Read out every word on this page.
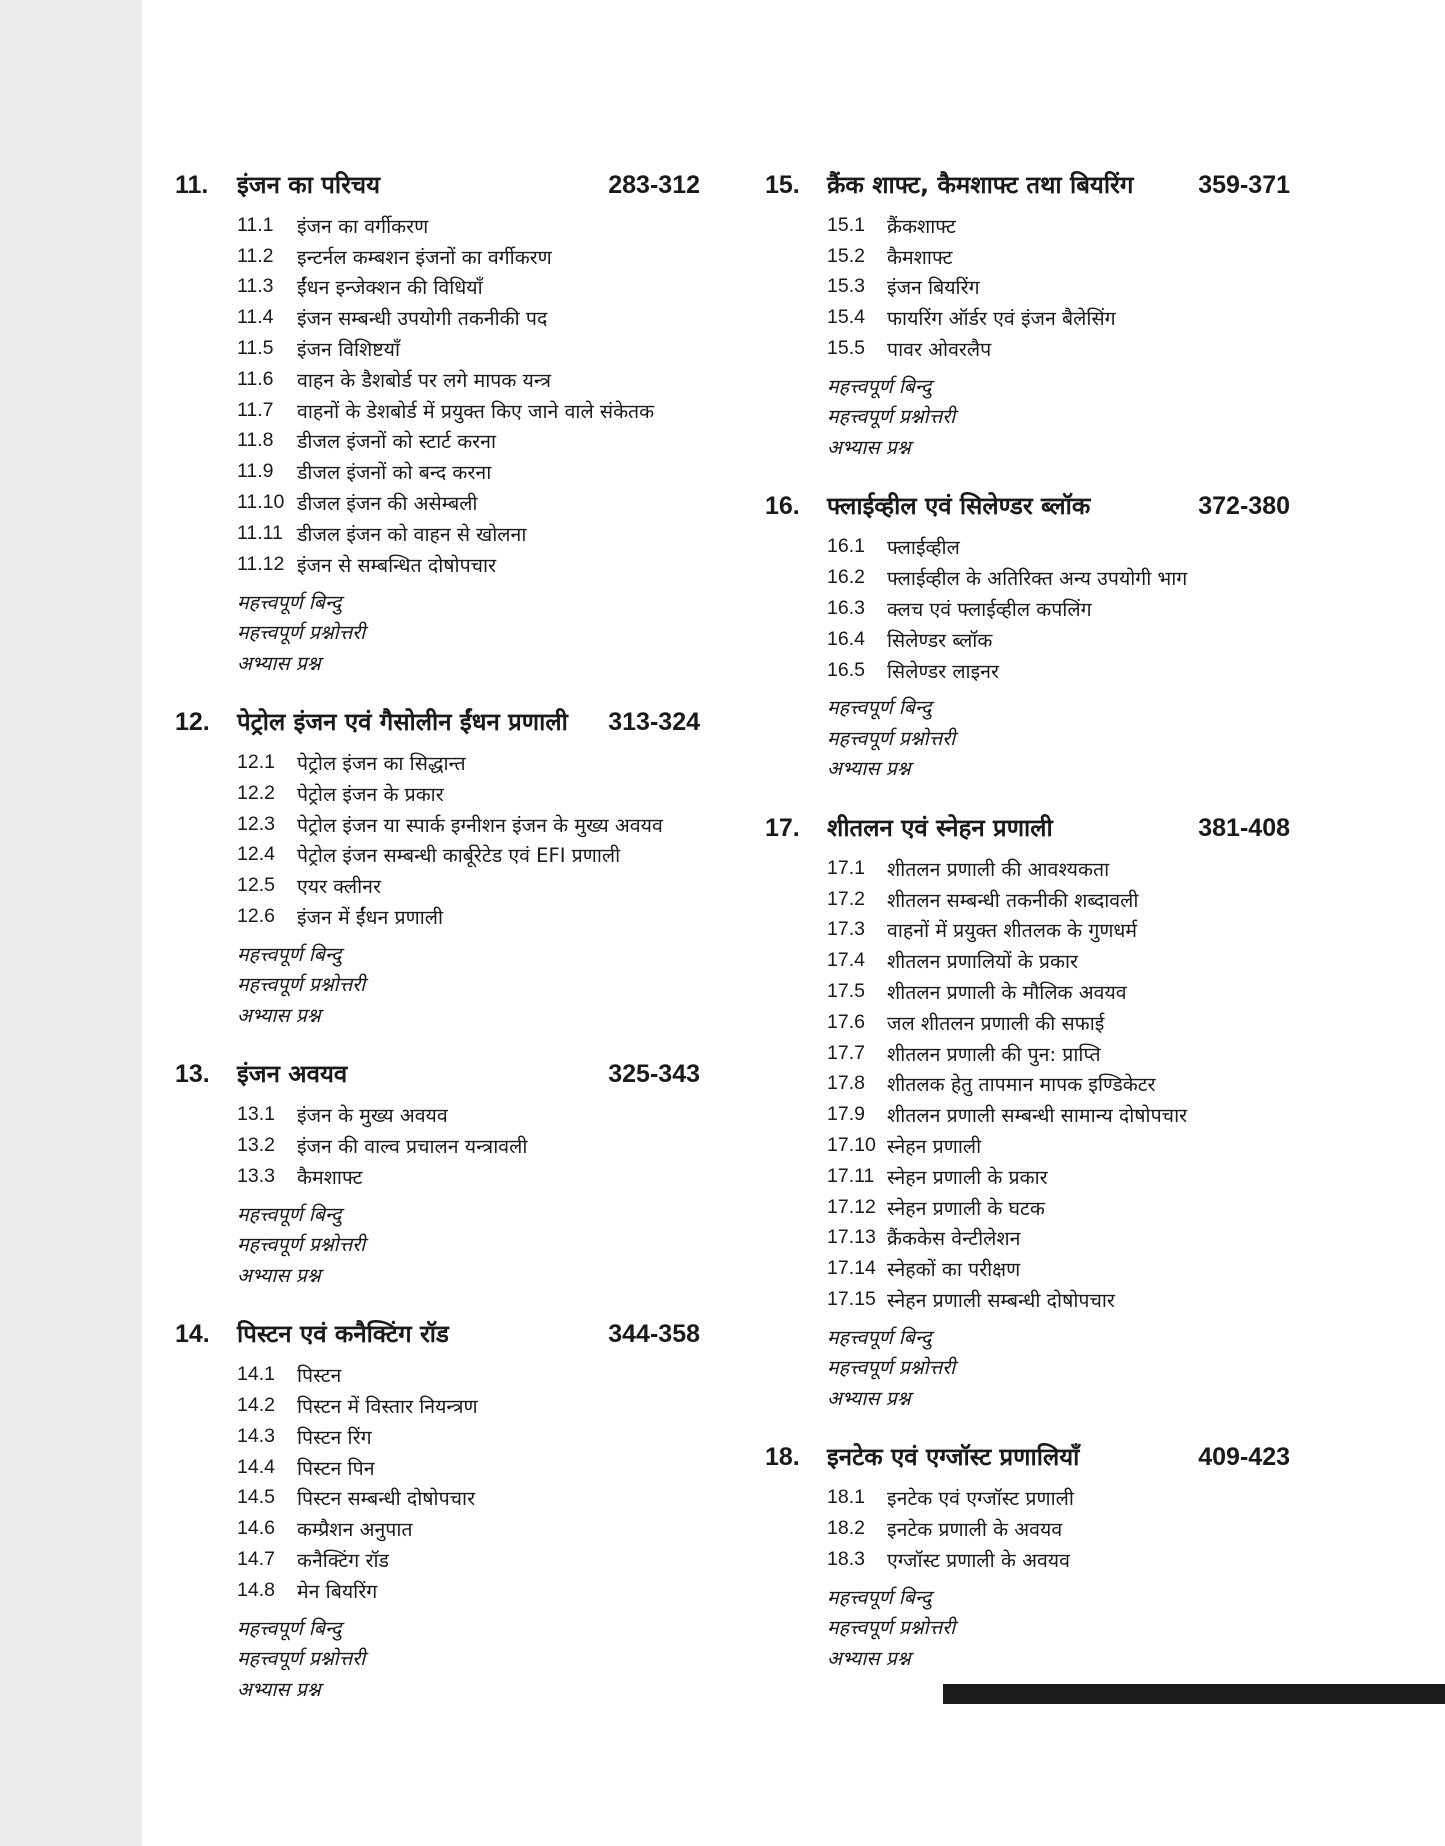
11.	इंजन का परिचय	283-312
11.1	इंजन का वर्गीकरण
11.2	इन्टर्नल कम्बशन इंजनों का वर्गीकरण
11.3	ईंधन इन्जेक्शन की विधियाँ
11.4	इंजन सम्बन्धी उपयोगी तकनीकी पद
11.5	इंजन विशिष्टयाँ
11.6	वाहन के डैशबोर्ड पर लगे मापक यन्त्र
11.7	वाहनों के डेशबोर्ड में प्रयुक्त किए जाने वाले संकेतक
11.8	डीजल इंजनों को स्टार्ट करना
11.9	डीजल इंजनों को बन्द करना
11.10 डीजल इंजन की असेम्बली
11.11 डीजल इंजन को वाहन से खोलना
11.12 इंजन से सम्बन्धित दोषोपचार
महत्त्वपूर्ण बिन्दु
महत्त्वपूर्ण प्रश्नोत्तरी
अभ्यास प्रश्न
12.	पेट्रोल इंजन एवं गैसोलीन ईंधन प्रणाली	313-324
12.1	पेट्रोल इंजन का सिद्धान्त
12.2	पेट्रोल इंजन के प्रकार
12.3	पेट्रोल इंजन या स्पार्क इग्नीशन इंजन के मुख्य अवयव
12.4	पेट्रोल इंजन सम्बन्धी कार्बूरेटेड एवं EFI प्रणाली
12.5	एयर क्लीनर
12.6	इंजन में ईंधन प्रणाली
महत्त्वपूर्ण बिन्दु
महत्त्वपूर्ण प्रश्नोत्तरी
अभ्यास प्रश्न
13.	इंजन अवयव	325-343
13.1	इंजन के मुख्य अवयव
13.2	इंजन की वाल्व प्रचालन यन्त्रावली
13.3	कैमशाफ्ट
महत्त्वपूर्ण बिन्दु
महत्त्वपूर्ण प्रश्नोत्तरी
अभ्यास प्रश्न
14.	पिस्टन एवं कनैक्टिंग रॉड	344-358
14.1	पिस्टन
14.2	पिस्टन में विस्तार नियन्त्रण
14.3	पिस्टन रिंग
14.4	पिस्टन पिन
14.5	पिस्टन सम्बन्धी दोषोपचार
14.6	कम्प्रैशन अनुपात
14.7	कनैक्टिंग रॉड
14.8	मेन बियरिंग
महत्त्वपूर्ण बिन्दु
महत्त्वपूर्ण प्रश्नोत्तरी
अभ्यास प्रश्न
15.	क्रैंक शाफ्ट, कैमशाफ्ट तथा बियरिंग	359-371
15.1	क्रैंकशाफ्ट
15.2	कैमशाफ्ट
15.3	इंजन बियरिंग
15.4	फायरिंग ऑर्डर एवं इंजन बैलेसिंग
15.5	पावर ओवरलैप
महत्त्वपूर्ण बिन्दु
महत्त्वपूर्ण प्रश्नोत्तरी
अभ्यास प्रश्न
16.	फ्लाईव्हील एवं सिलेण्डर ब्लॉक	372-380
16.1	फ्लाईव्हील
16.2	फ्लाईव्हील के अतिरिक्त अन्य उपयोगी भाग
16.3	क्लच एवं फ्लाईव्हील कपलिंग
16.4	सिलेण्डर ब्लॉक
16.5	सिलेण्डर लाइनर
महत्त्वपूर्ण बिन्दु
महत्त्वपूर्ण प्रश्नोत्तरी
अभ्यास प्रश्न
17.	शीतलन एवं स्नेहन प्रणाली	381-408
17.1	शीतलन प्रणाली की आवश्यकता
17.2	शीतलन सम्बन्धी तकनीकी शब्दावली
17.3	वाहनों में प्रयुक्त शीतलक के गुणधर्म
17.4	शीतलन प्रणालियों के प्रकार
17.5	शीतलन प्रणाली के मौलिक अवयव
17.6	जल शीतलन प्रणाली की सफाई
17.7	शीतलन प्रणाली की पुन: प्राप्ति
17.8	शीतलक हेतु तापमान मापक इण्डिकेटर
17.9	शीतलन प्रणाली सम्बन्धी सामान्य दोषोपचार
17.10 स्नेहन प्रणाली
17.11 स्नेहन प्रणाली के प्रकार
17.12 स्नेहन प्रणाली के घटक
17.13 क्रैंककेस वेन्टीलेशन
17.14 स्नेहकों का परीक्षण
17.15 स्नेहन प्रणाली सम्बन्धी दोषोपचार
महत्त्वपूर्ण बिन्दु
महत्त्वपूर्ण प्रश्नोत्तरी
अभ्यास प्रश्न
18.	इनटेक एवं एग्जॉस्ट प्रणालियाँ	409-423
18.1	इनटेक एवं एग्जॉस्ट प्रणाली
18.2	इनटेक प्रणाली के अवयव
18.3	एग्जॉस्ट प्रणाली के अवयव
महत्त्वपूर्ण बिन्दु
महत्त्वपूर्ण प्रश्नोत्तरी
अभ्यास प्रश्न
